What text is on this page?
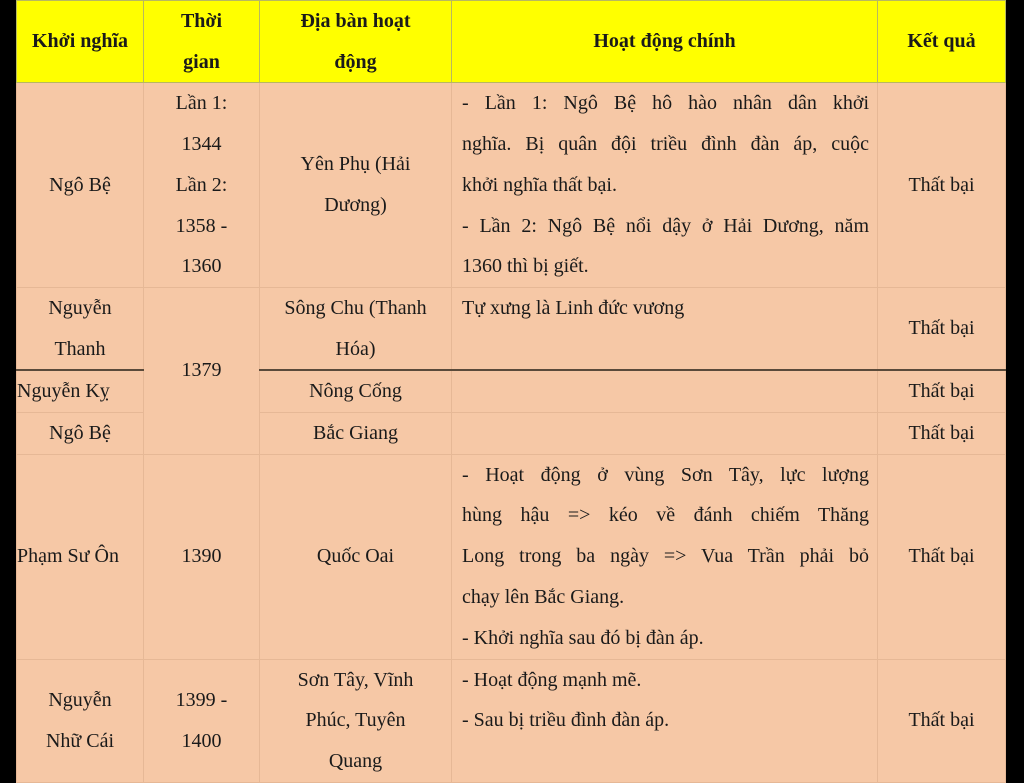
Khởi nghĩa	Thời
gian	Địa bàn hoạt
động	Hoạt động chính	Kết quả

Ngô Bệ	Lần 1:
1344
Lần 2:
1358 -
1360	Yên Phụ (Hải
Dương)	- Lần 1: Ngô Bệ hô hào nhân dân khởi
nghĩa. Bị quân đội triều đình đàn áp, cuộc
khởi nghĩa thất bại.
- Lần 2: Ngô Bệ nổi dậy ở Hải Dương, năm
1360 thì bị giết.	Thất bại

Nguyễn
Thanh	1379	Sông Chu (Thanh
Hóa)	Tự xưng là Linh đức vương	Thất bại

Nguyễn Kỵ		Nông Cống		Thất bại

Ngô Bệ		Bắc Giang		Thất bại

Phạm Sư Ôn	1390	Quốc Oai	- Hoạt động ở vùng Sơn Tây, lực lượng
hùng hậu => kéo về đánh chiếm Thăng
Long trong ba ngày => Vua Trần phải bỏ
chạy lên Bắc Giang.
- Khởi nghĩa sau đó bị đàn áp.	Thất bại

Nguyễn
Nhữ Cái	1399 -
1400	Sơn Tây, Vĩnh
Phúc, Tuyên
Quang	- Hoạt động mạnh mẽ.
- Sau bị triều đình đàn áp.	Thất bại
